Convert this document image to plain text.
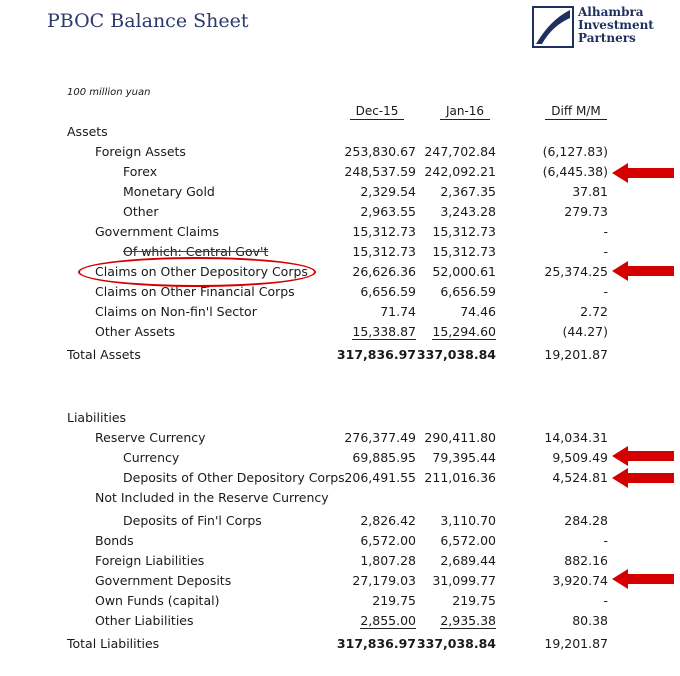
PBOC Balance Sheet	Alhambra
Investment
Partners
100 million yuan
Dec-15	Jan-16	Diff M/M
Assets
Foreign Assets	253,830.67 247,702.84	(6,127.83)
Forex	248,537.59 242,092.21	(6,445.38)
Monetary Gold	2,329.54	2,367.35	37.81
Other	2,963.55	3,243.28	279.73
Government Claims	15,312.73	15,312.73	-
Of which: Central Gov't	15,312.73	15,312.73	-
Claims on Other Depository Corps	26,626.36	52,000.61	25,374.25
Claims on Other Financial Corps	6,656.59	6,656.59	-
Claims on Non-fin'l Sector	71.74	74.46	2.72
Other Assets	15,338.87	15,294.60	(44.27)
Total Assets	317,836.97 337,038.84	19,201.87
Liabilities
Reserve Currency	276,377.49 290,411.80	14,034.31
Currency	69,885.95	79,395.44	9,509.49
Deposits of Other Depository Corps 206,491.55 211,016.36	4,524.81
Not Included in the Reserve Currency
Deposits of Fin'l Corps	2,826.42	3,110.70	284.28
Bonds	6,572.00	6,572.00	-
Foreign Liabilities	1,807.28	2,689.44	882.16
Government Deposits	27,179.03	31,099.77	3,920.74
Own Funds (capital)	219.75	219.75	-
Other Liabilities	2,855.00	2,935.38	80.38
Total Liabilities	317,836.97 337,038.84	19,201.87
